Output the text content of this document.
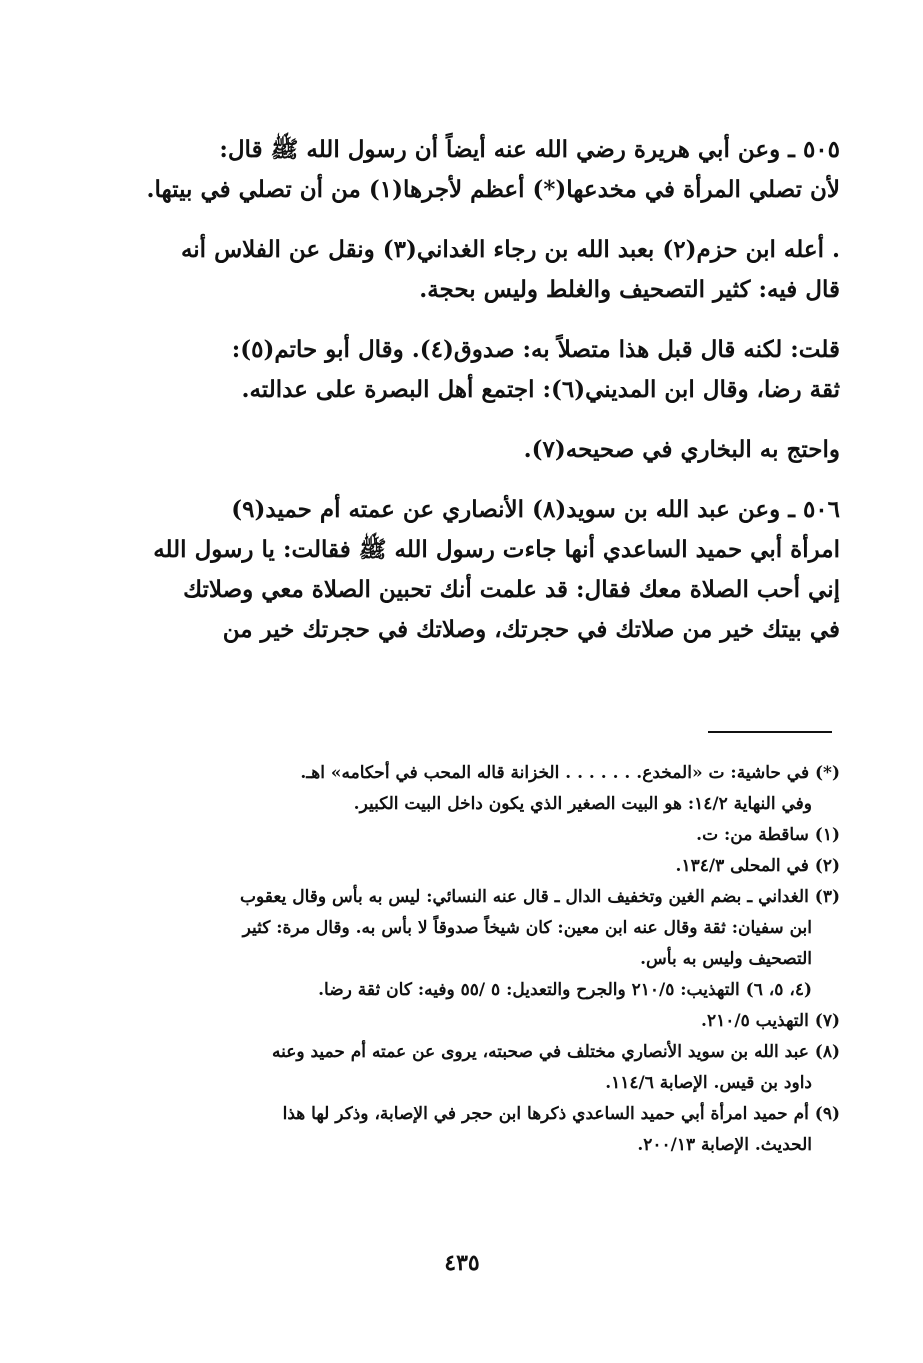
٥٠٥ ـ وعن أبي هريرة رضي الله عنه أيضاً أن رسول الله ﷺ قال:
لأن تصلي المرأة في مخدعها(*) أعظم لأجرها(١) من أن تصلي في بيتها.

. أعله ابن حزم(٢) بعبد الله بن رجاء الغداني(٣) ونقل عن الفلاس أنه
قال فيه: كثير التصحيف والغلط وليس بحجة.

قلت: لكنه قال قبل هذا متصلاً به: صدوق(٤). وقال أبو حاتم(٥):
ثقة رضا، وقال ابن المديني(٦): اجتمع أهل البصرة على عدالته.

واحتج به البخاري في صحيحه(٧).

٥٠٦ ـ وعن عبد الله بن سويد(٨) الأنصاري عن عمته أم حميد(٩)
امرأة أبي حميد الساعدي أنها جاءت رسول الله ﷺ فقالت: يا رسول الله
إني أحب الصلاة معك فقال: قد علمت أنك تحبين الصلاة معي وصلاتك
في بيتك خير من صلاتك في حجرتك، وصلاتك في حجرتك خير من

(*) في حاشية: ت «المخدع. . . . . . . الخزانة قاله المحب في أحكامه» اهـ.
وفي النهاية ١٤/٢: هو البيت الصغير الذي يكون داخل البيت الكبير.
(١) ساقطة من: ت.
(٢) في المحلى ١٣٤/٣.
(٣) الغداني ـ بضم الغين وتخفيف الدال ـ قال عنه النسائي: ليس به بأس وقال يعقوب
ابن سفيان: ثقة وقال عنه ابن معين: كان شيخاً صدوقاً لا بأس به. وقال مرة: كثير
التصحيف وليس به بأس.
(٤، ٥، ٦) التهذيب: ٢١٠/٥ والجرح والتعديل: ٥ /٥٥ وفيه: كان ثقة رضا.
(٧) التهذيب ٢١٠/٥.
(٨) عبد الله بن سويد الأنصاري مختلف في صحبته، يروى عن عمته أم حميد وعنه
داود بن قيس. الإصابة ١١٤/٦.
(٩) أم حميد امرأة أبي حميد الساعدي ذكرها ابن حجر في الإصابة، وذكر لها هذا
الحديث. الإصابة ٢٠٠/١٣.
٤٣٥
